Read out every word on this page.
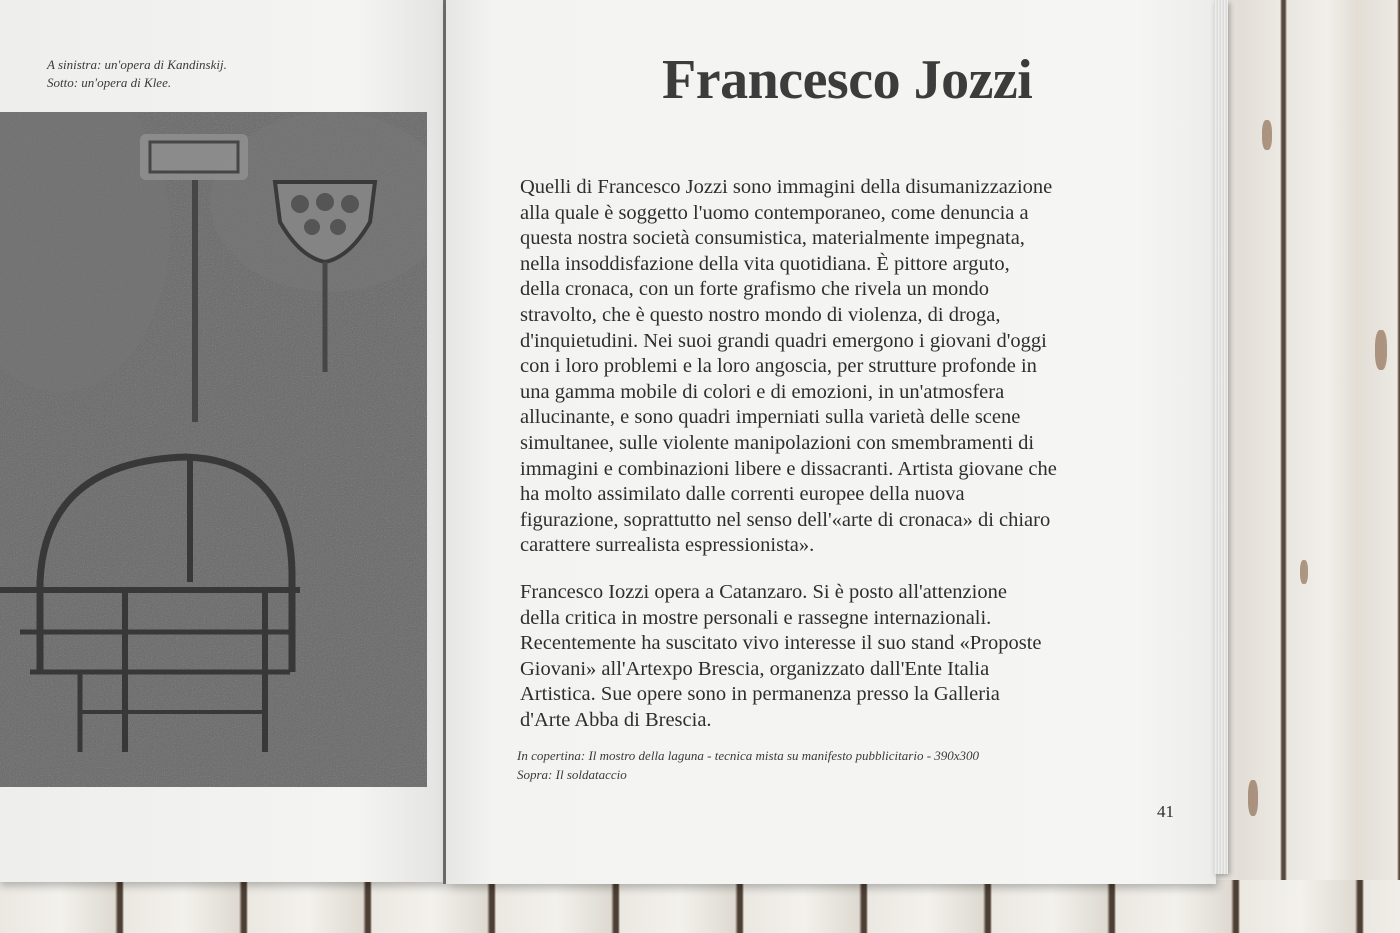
A sinistra: un'opera di Kandinskij.
Sotto: un'opera di Klee.	Francesco Jozzi

Quelli di Francesco Jozzi sono immagini della disumanizzazione
alla quale è soggetto l'uomo contemporaneo, come denuncia a
questa nostra società consumistica, materialmente impegnata,
nella insoddisfazione della vita quotidiana. È pittore arguto,
della cronaca, con un forte grafismo che rivela un mondo
stravolto, che è questo nostro mondo di violenza, di droga,
d'inquietudini. Nei suoi grandi quadri emergono i giovani d'oggi
con i loro problemi e la loro angoscia, per strutture profonde in
una gamma mobile di colori e di emozioni, in un'atmosfera
allucinante, e sono quadri imperniati sulla varietà delle scene
simultanee, sulle violente manipolazioni con smembramenti di
immagini e combinazioni libere e dissacranti. Artista giovane che
ha molto assimilato dalle correnti europee della nuova
figurazione, soprattutto nel senso dell'«arte di cronaca» di chiaro
carattere surrealista espressionista».

Francesco Iozzi opera a Catanzaro. Si è posto all'attenzione
della critica in mostre personali e rassegne internazionali.
Recentemente ha suscitato vivo interesse il suo stand «Proposte
Giovani» all'Artexpo Brescia, organizzato dall'Ente Italia
Artistica. Sue opere sono in permanenza presso la Galleria
d'Arte Abba di Brescia.

In copertina: Il mostro della laguna - tecnica mista su manifesto pubblicitario - 390x300
Sopra: Il soldataccio
41
